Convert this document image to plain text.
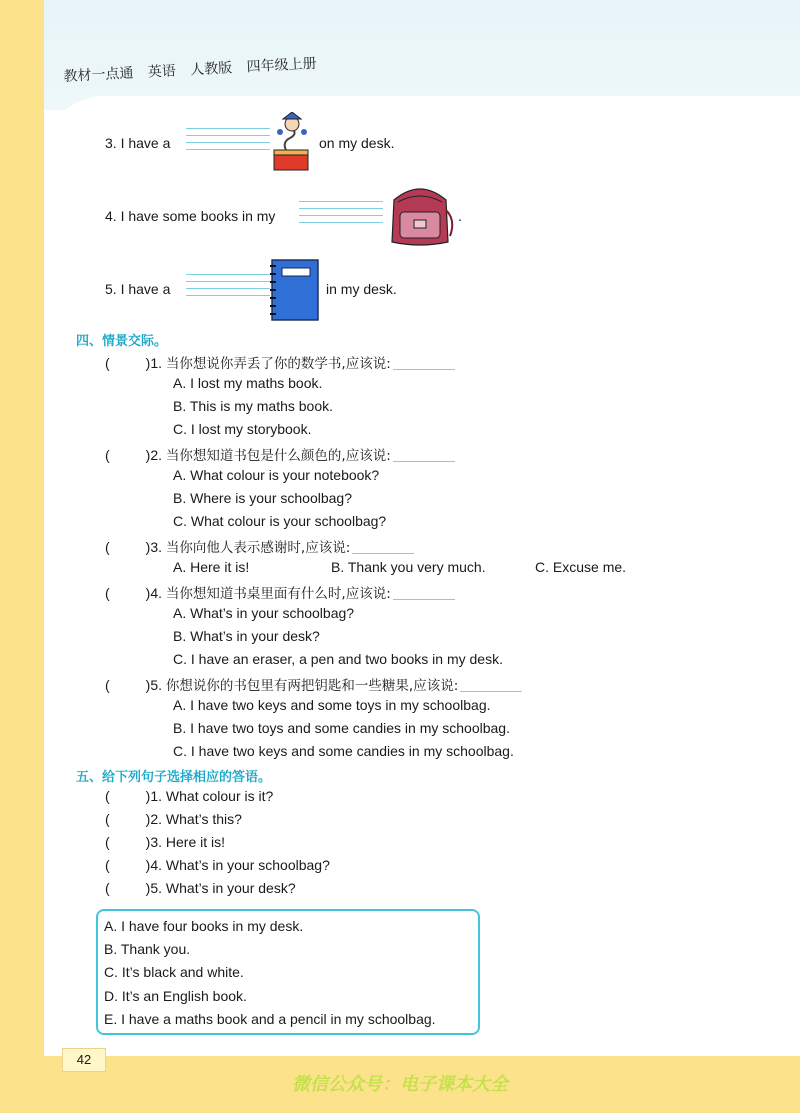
教材一点通 英语 人教版 四年级上册
3. I have a	on my desk.
4. I have some books in my	.
5. I have a	in my desk.
四、情景交际。
(	)1. 当你想说你弄丢了你的数学书,应该说:
A. I lost my maths book.
B. This is my maths book.
C. I lost my storybook.
(	)2. 当你想知道书包是什么颜色的,应该说:
A. What colour is your notebook?
B. Where is your schoolbag?
C. What colour is your schoolbag?
(	)3. 当你向他人表示感谢时,应该说:
A. Here it is!	B. Thank you very much.	C. Excuse me.
(	)4. 当你想知道书桌里面有什么时,应该说:
A. What’s in your schoolbag?
B. What’s in your desk?
C. I have an eraser, a pen and two books in my desk.
(	)5. 你想说你的书包里有两把钥匙和一些糖果,应该说:
A. I have two keys and some toys in my schoolbag.
B. I have two toys and some candies in my schoolbag.
C. I have two keys and some candies in my schoolbag.
五、给下列句子选择相应的答语。
(	)1. What colour is it?
(	)2. What’s this?
(	)3. Here it is!
(	)4. What’s in your schoolbag?
(	)5. What’s in your desk?
A. I have four books in my desk.
B. Thank you.
C. It’s black and white.
D. It’s an English book.
E. I have a maths book and a pencil in my schoolbag.
42
微信公众号：电子课本大全
